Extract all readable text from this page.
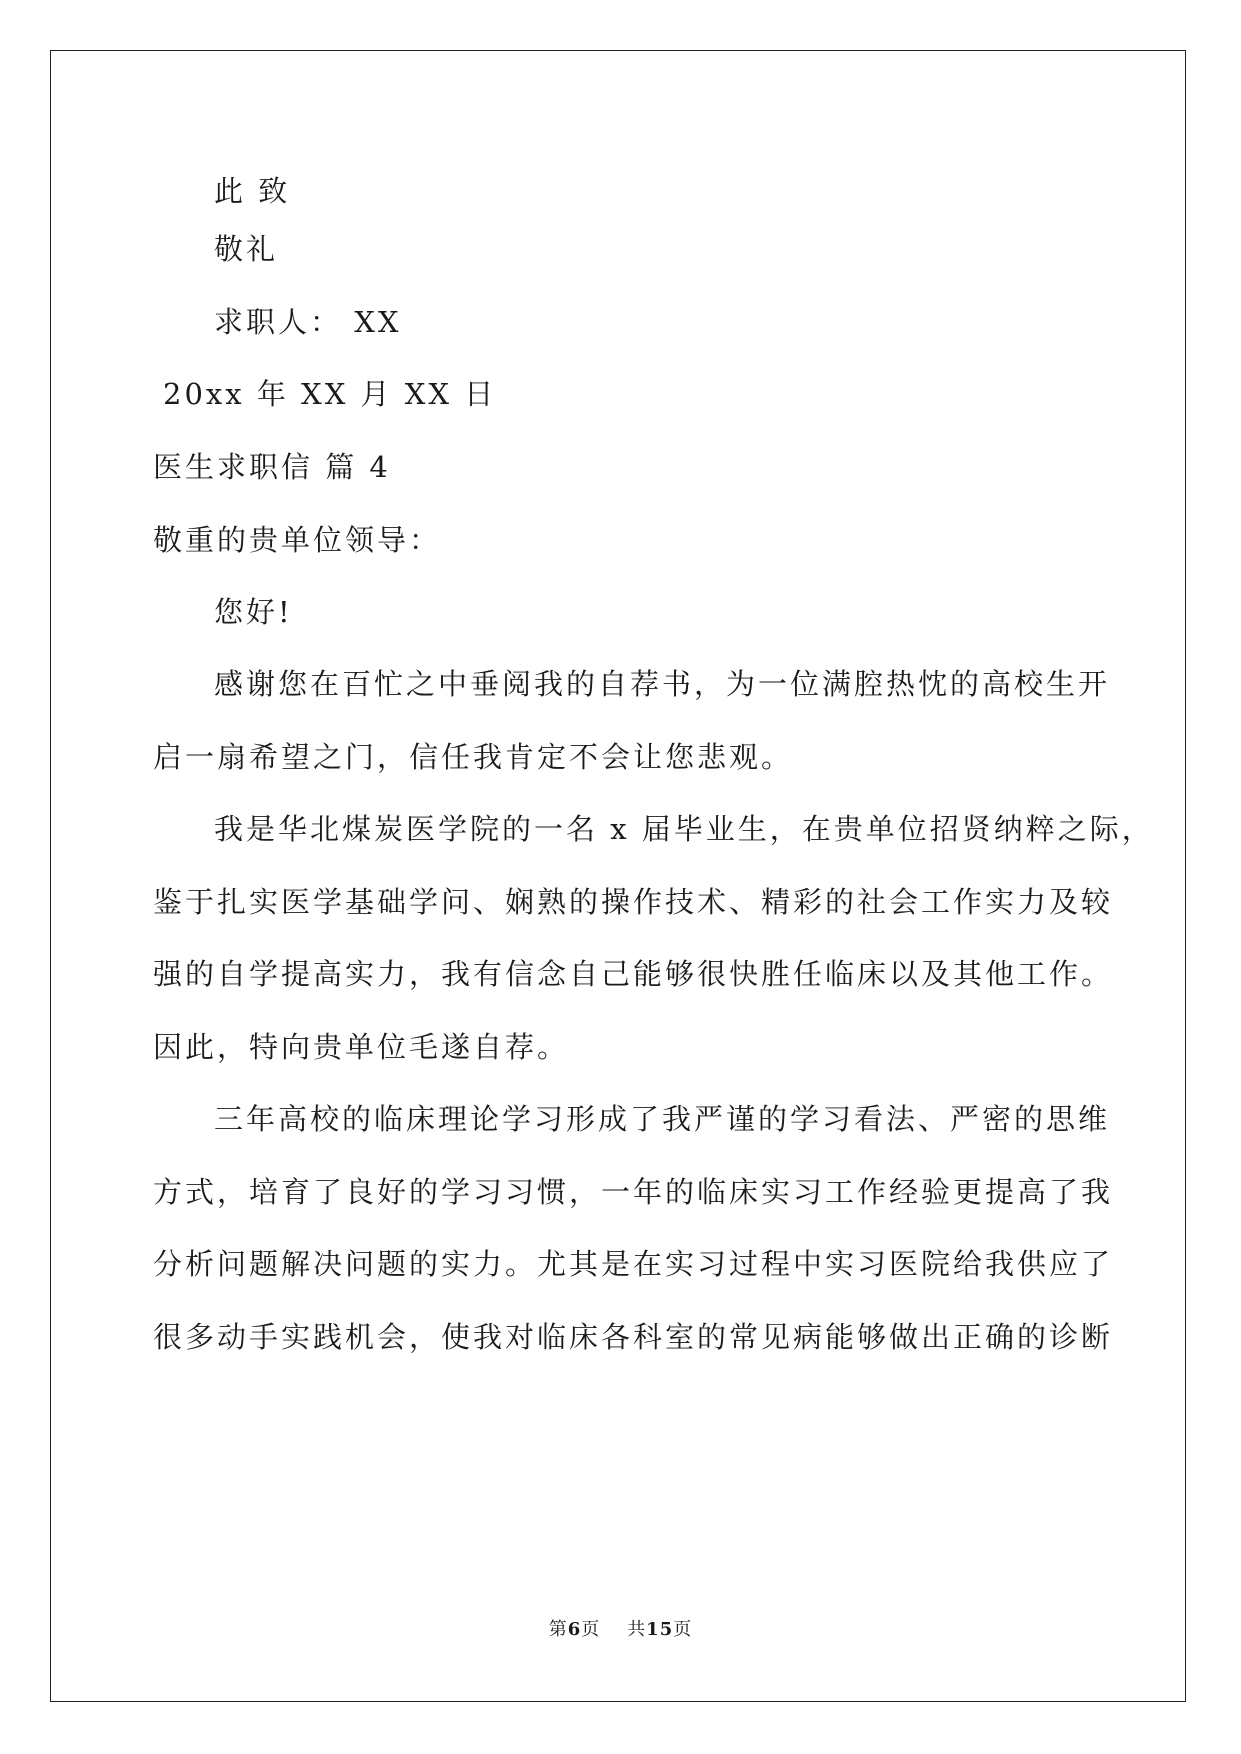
此 致
敬礼
求职人： XX
20xx 年 XX 月 XX 日
医生求职信 篇 4
敬重的贵单位领导：
您好!
感谢您在百忙之中垂阅我的自荐书，为一位满腔热忱的高校生开
启一扇希望之门，信任我肯定不会让您悲观。
我是华北煤炭医学院的一名 x 届毕业生，在贵单位招贤纳粹之际，
鉴于扎实医学基础学问、娴熟的操作技术、精彩的社会工作实力及较
强的自学提高实力，我有信念自己能够很快胜任临床以及其他工作。
因此，特向贵单位毛遂自荐。
三年高校的临床理论学习形成了我严谨的学习看法、严密的思维
方式，培育了良好的学习习惯，一年的临床实习工作经验更提高了我
分析问题解决问题的实力。尤其是在实习过程中实习医院给我供应了
很多动手实践机会，使我对临床各科室的常见病能够做出正确的诊断
第6页    共15页
